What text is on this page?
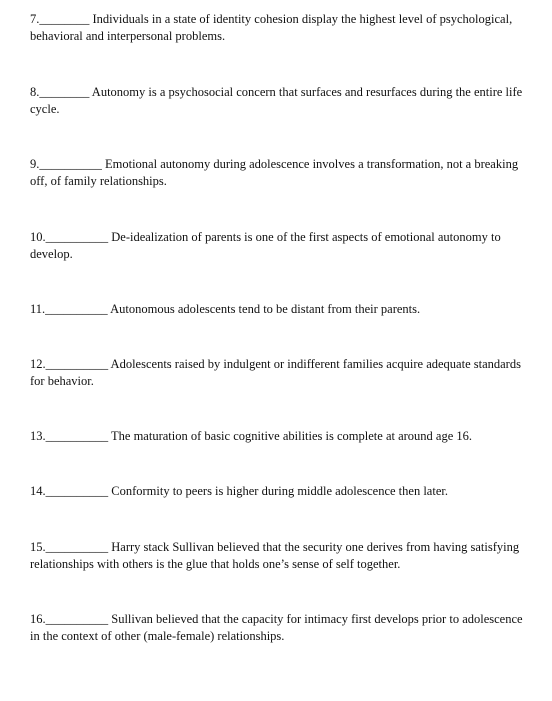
7.________ Individuals in a state of identity cohesion display the highest level of psychological, behavioral and interpersonal problems.
8.________ Autonomy is a psychosocial concern that surfaces and resurfaces during the entire life cycle.
9.__________ Emotional autonomy during adolescence involves a transformation, not a breaking off, of family relationships.
10.__________ De-idealization of parents is one of the first aspects of emotional autonomy to develop.
11.__________ Autonomous adolescents tend to be distant from their parents.
12.__________ Adolescents raised by indulgent or indifferent families acquire adequate standards for behavior.
13.__________ The maturation of basic cognitive abilities is complete at around age 16.
14.__________ Conformity to peers is higher during middle adolescence then later.
15.__________ Harry stack Sullivan believed that the security one derives from having satisfying relationships with others is the glue that holds one’s sense of self together.
16.__________ Sullivan believed that the capacity for intimacy first develops prior to adolescence in the context of other (male-female) relationships.
